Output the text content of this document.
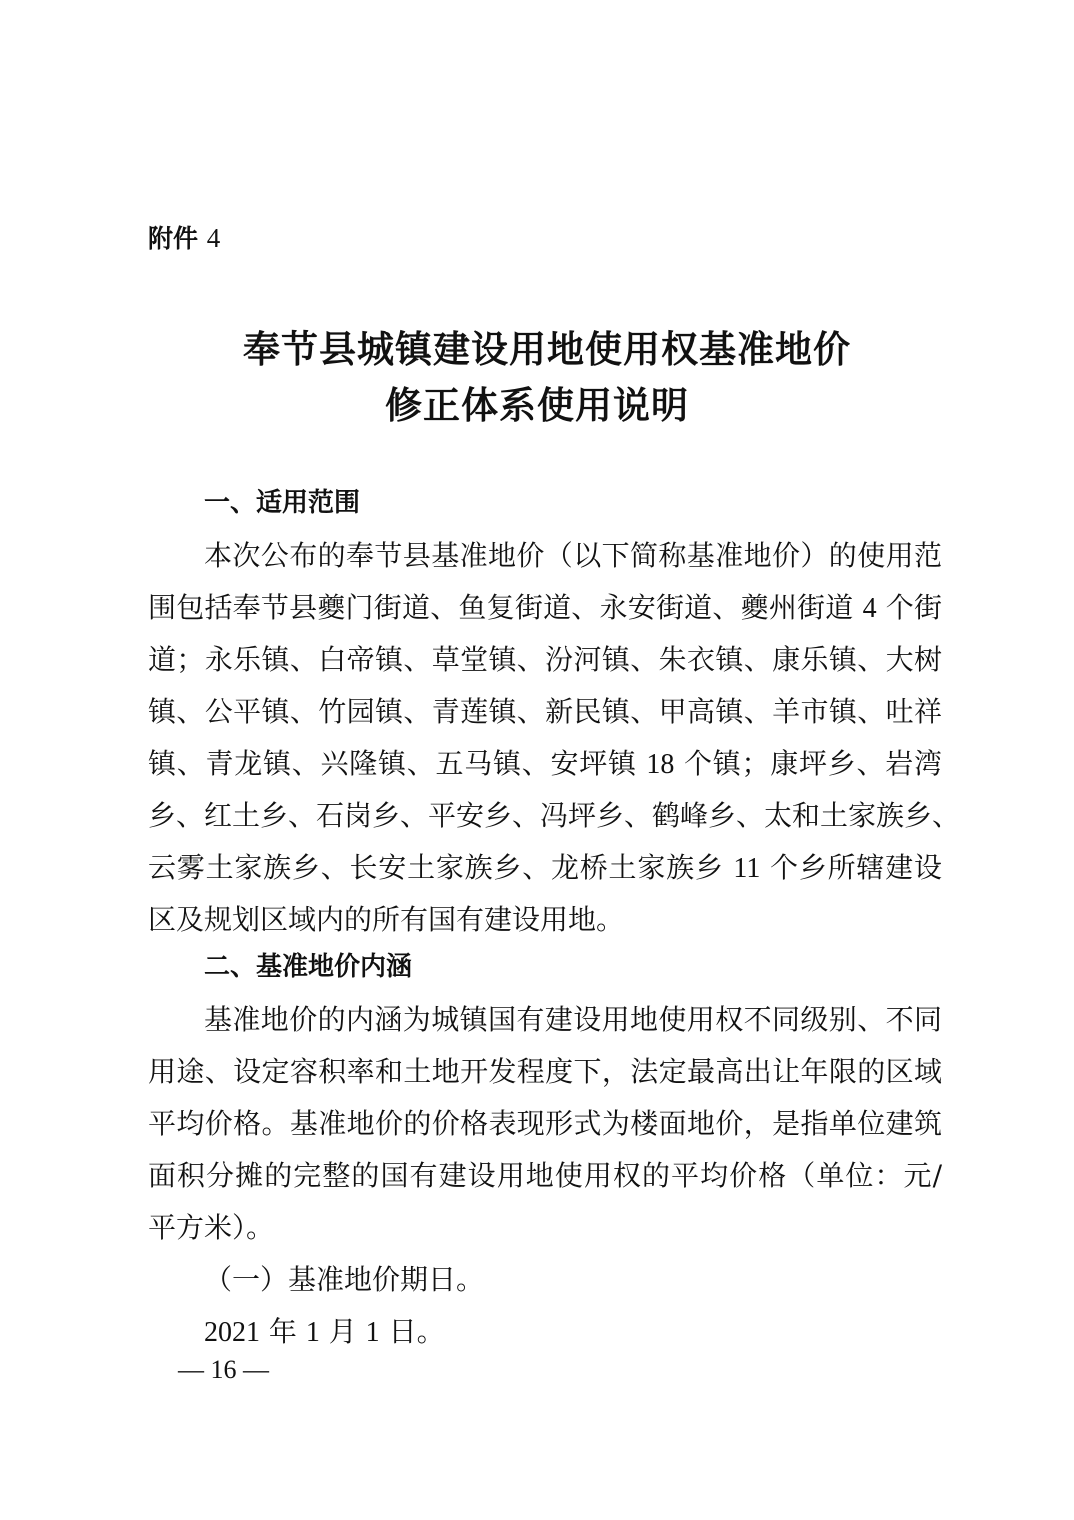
附件 4
奉节县城镇建设用地使用权基准地价
修正体系使用说明
一、适用范围
本次公布的奉节县基准地价（以下简称基准地价）的使用范
围包括奉节县夔门街道、鱼复街道、永安街道、夔州街道 4 个街
道；永乐镇、白帝镇、草堂镇、汾河镇、朱衣镇、康乐镇、大树
镇、公平镇、竹园镇、青莲镇、新民镇、甲高镇、羊市镇、吐祥
镇、青龙镇、兴隆镇、五马镇、安坪镇 18 个镇；康坪乡、岩湾
乡、红土乡、石岗乡、平安乡、冯坪乡、鹤峰乡、太和土家族乡、
云雾土家族乡、长安土家族乡、龙桥土家族乡 11 个乡所辖建设
区及规划区域内的所有国有建设用地。
二、基准地价内涵
基准地价的内涵为城镇国有建设用地使用权不同级别、不同
用途、设定容积率和土地开发程度下，法定最高出让年限的区域
平均价格。基准地价的价格表现形式为楼面地价，是指单位建筑
面积分摊的完整的国有建设用地使用权的平均价格（单位：元/
平方米）。
（一）基准地价期日。
2021 年 1 月 1 日。
— 16 —
